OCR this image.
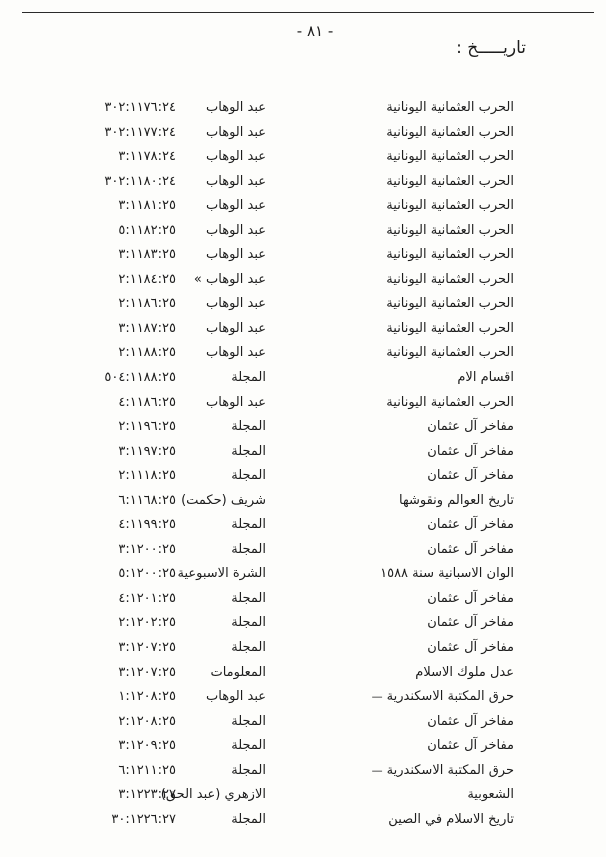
- ٨١ -
تاريـــــخ :
الحرب العثمانية اليونانية
عبد الوهاب
٣٠٢:١١٧٦:٢٤
الحرب العثمانية اليونانية
عبد الوهاب
٣٠٢:١١٧٧:٢٤
الحرب العثمانية اليونانية
عبد الوهاب
٣:١١٧٨:٢٤
الحرب العثمانية اليونانية
عبد الوهاب
٣٠٢:١١٨٠:٢٤
الحرب العثمانية اليونانية
عبد الوهاب
٣:١١٨١:٢٥
الحرب العثمانية اليونانية
عبد الوهاب
٥:١١٨٢:٢٥
الحرب العثمانية اليونانية
عبد الوهاب
٣:١١٨٣:٢٥
الحرب العثمانية اليونانية
عبد الوهاب »
٢:١١٨٤:٢٥
الحرب العثمانية اليونانية
عبد الوهاب
٢:١١٨٦:٢٥
الحرب العثمانية اليونانية
عبد الوهاب
٣:١١٨٧:٢٥
الحرب العثمانية اليونانية
عبد الوهاب
٢:١١٨٨:٢٥
اقسام الام
المجلة
٥٠٤:١١٨٨:٢٥
الحرب العثمانية اليونانية
عبد الوهاب
٤:١١٨٦:٢٥
مفاخر آل عثمان
المجلة
٢:١١٩٦:٢٥
مفاخر آل عثمان
المجلة
٣:١١٩٧:٢٥
مفاخر آل عثمان
المجلة
٢:١١١٨:٢٥
تاريخ العوالم ونقوشها
شريف (حكمت)
٦:١١٦٨:٢٥
مفاخر آل عثمان
المجلة
٤:١١٩٩:٢٥
مفاخر آل عثمان
المجلة
٣:١٢٠٠:٢٥
الوان الاسبانية سنة ١٥٨٨
الشرة الاسبوعية
٥:١٢٠٠:٢٥
مفاخر آل عثمان
المجلة
٤:١٢٠١:٢٥
مفاخر آل عثمان
المجلة
٢:١٢٠٢:٢٥
مفاخر آل عثمان
المجلة
٣:١٢٠٧:٢٥
عدل ملوك الاسلام
المعلومات
٣:١٢٠٧:٢٥
حرق المكتبة الاسكندرية —
عبد الوهاب
١:١٢٠٨:٢٥
مفاخر آل عثمان
المجلة
٢:١٢٠٨:٢٥
مفاخر آل عثمان
المجلة
٣:١٢٠٩:٢٥
حرق المكتبة الاسكندرية —
المجلة
٦:١٢١١:٢٥
الشعوبية
الازهري (عبد الحق)
٣:١٢٢٣:٢٧
تاريخ الاسلام في الصين
المجلة
٣٠:١٢٢٦:٢٧
